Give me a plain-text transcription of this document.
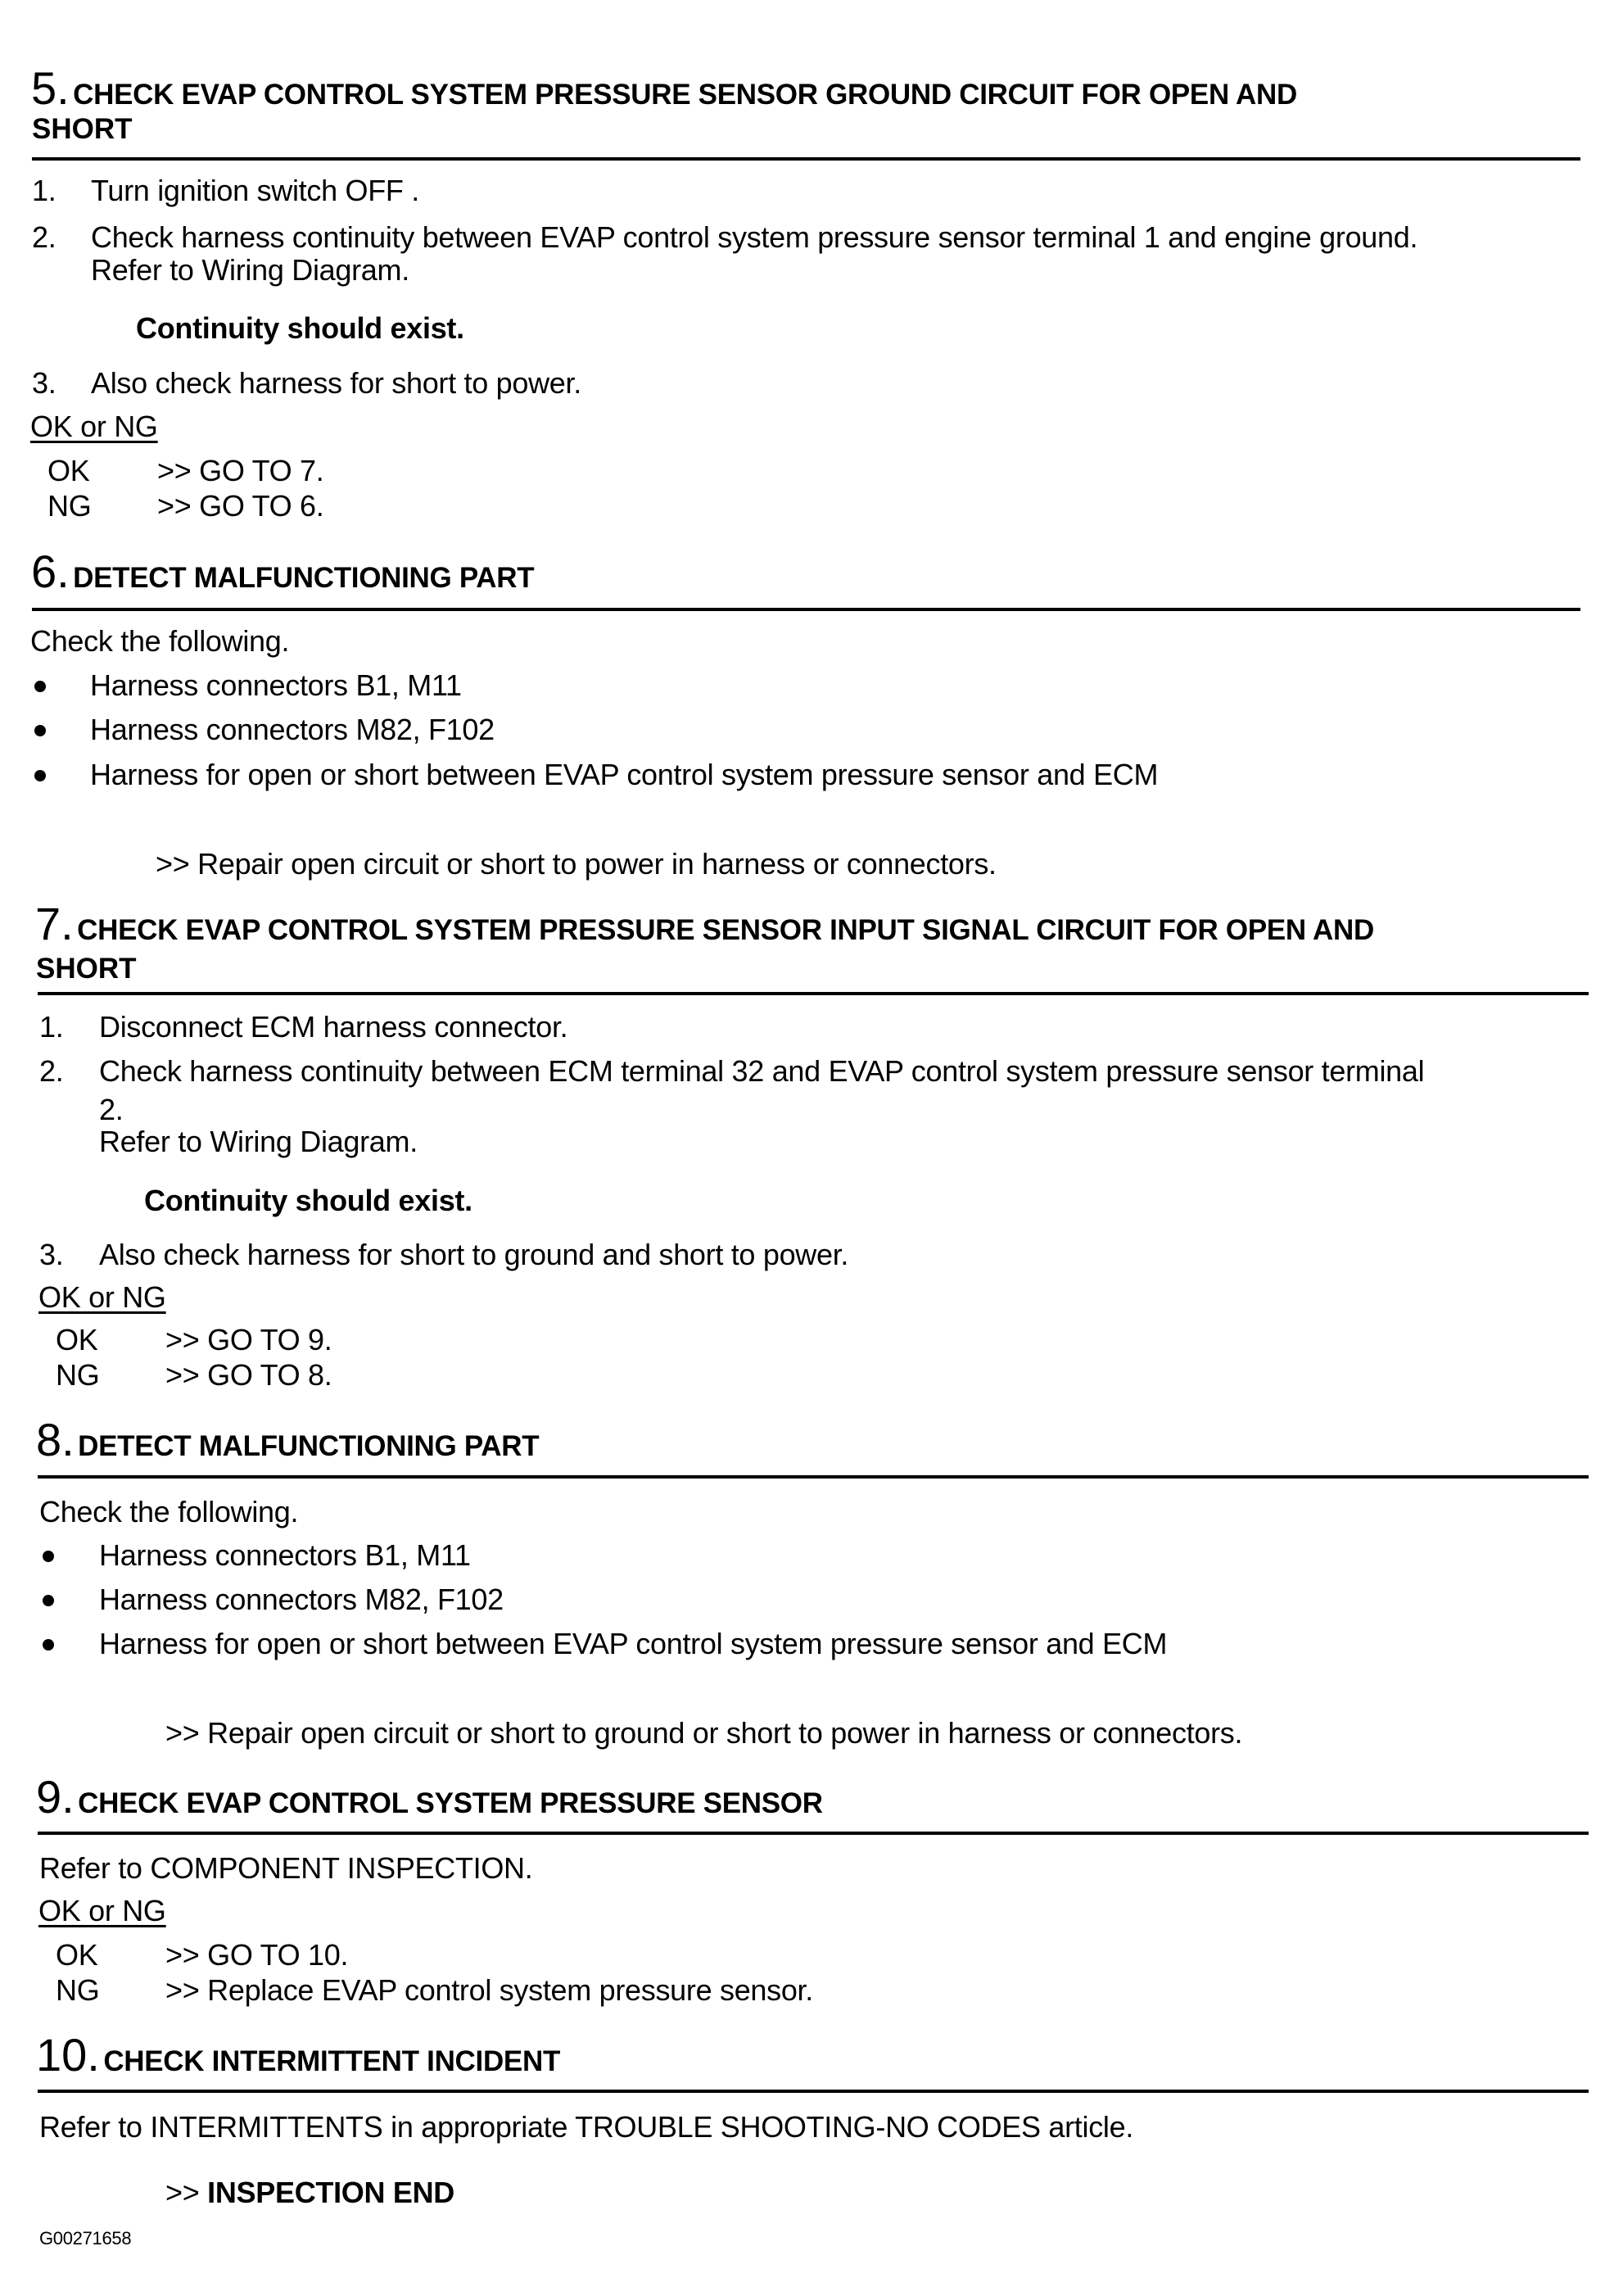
5. CHECK EVAP CONTROL SYSTEM PRESSURE SENSOR GROUND CIRCUIT FOR OPEN AND
SHORT
1. Turn ignition switch OFF .
2. Check harness continuity between EVAP control system pressure sensor terminal 1 and engine ground.
Refer to Wiring Diagram.
Continuity should exist.
3. Also check harness for short to power.
OK or NG
OK >> GO TO 7.
NG >> GO TO 6.
6. DETECT MALFUNCTIONING PART
Check the following.
Harness connectors B1, M11
Harness connectors M82, F102
Harness for open or short between EVAP control system pressure sensor and ECM
>> Repair open circuit or short to power in harness or connectors.
7. CHECK EVAP CONTROL SYSTEM PRESSURE SENSOR INPUT SIGNAL CIRCUIT FOR OPEN AND
SHORT
1. Disconnect ECM harness connector.
2. Check harness continuity between ECM terminal 32 and EVAP control system pressure sensor terminal
2.
Refer to Wiring Diagram.
Continuity should exist.
3. Also check harness for short to ground and short to power.
OK or NG
OK >> GO TO 9.
NG >> GO TO 8.
8. DETECT MALFUNCTIONING PART
Check the following.
Harness connectors B1, M11
Harness connectors M82, F102
Harness for open or short between EVAP control system pressure sensor and ECM
>> Repair open circuit or short to ground or short to power in harness or connectors.
9. CHECK EVAP CONTROL SYSTEM PRESSURE SENSOR
Refer to COMPONENT INSPECTION.
OK or NG
OK >> GO TO 10.
NG >> Replace EVAP control system pressure sensor.
10. CHECK INTERMITTENT INCIDENT
Refer to INTERMITTENTS in appropriate TROUBLE SHOOTING-NO CODES article.
>> INSPECTION END
G00271658
